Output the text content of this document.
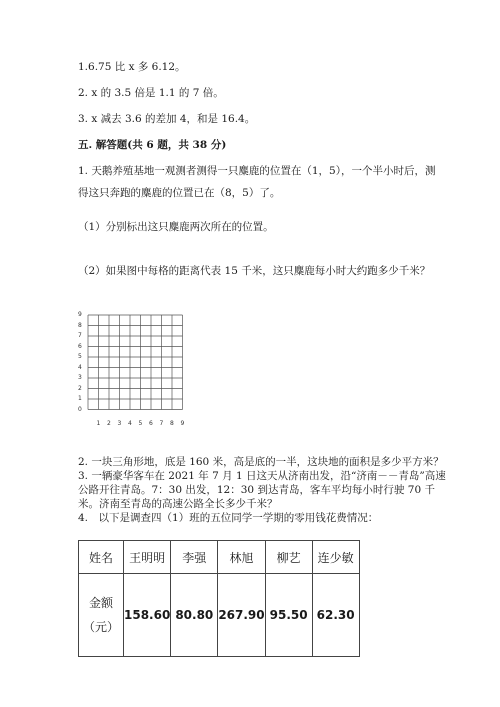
1.6.75 比 x 多 6.12。
2. x 的 3.5 倍是 1.1 的 7 倍。
3. x 减去 3.6 的差加 4，和是 16.4。
五. 解答题(共 6 题，共 38 分)
1. 天鹅养殖基地一观测者测得一只麋鹿的位置在（1，5），一个半小时后，测
得这只奔跑的麋鹿的位置已在（8，5）了。
（1）分别标出这只麋鹿两次所在的位置。
（2）如果图中每格的距离代表 15 千米，这只麋鹿每小时大约跑多少千米？
9
8
7
6
5
4
3
2
1
0
1 2 3 4 5 6 7 8 9
2. 一块三角形地，底是 160 米，高是底的一半，这块地的面积是多少平方米？
3. 一辆豪华客车在 2021 年 7 月 1 日这天从济南出发，沿“济南－－青岛”高速
公路开往青岛。7：30 出发，12：30 到达青岛，客车平均每小时行驶 70 千
米。济南至青岛的高速公路全长多少千米？
4.　以下是调查四（1）班的五位同学一学期的零用钱花费情况：
姓名	王明明	李强	林旭	柳艺	连少敏

金额
（元）	158.60	80.80	267.90	95.50	62.30
